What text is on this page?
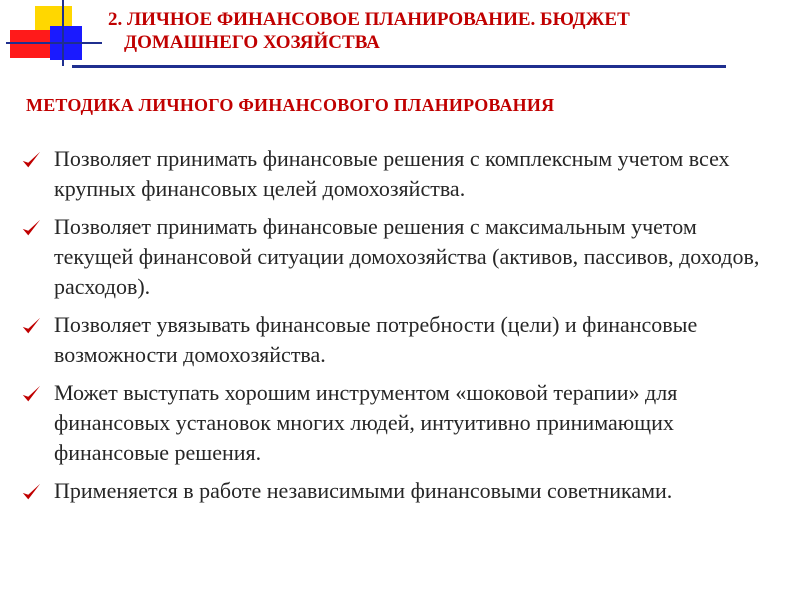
2. ЛИЧНОЕ ФИНАНСОВОЕ ПЛАНИРОВАНИЕ. БЮДЖЕТ
ДОМАШНЕГО ХОЗЯЙСТВА
МЕТОДИКА ЛИЧНОГО ФИНАНСОВОГО ПЛАНИРОВАНИЯ
Позволяет принимать финансовые решения с комплексным учетом всех крупных финансовых целей домохозяйства.
Позволяет принимать финансовые решения с максимальным учетом текущей финансовой ситуации домохозяйства (активов, пассивов, доходов, расходов).
Позволяет увязывать финансовые потребности (цели) и финансовые возможности домохозяйства.
Может выступать хорошим инструментом «шоковой терапии» для финансовых установок многих людей, интуитивно принимающих финансовые решения.
Применяется в работе независимыми финансовыми советниками.
